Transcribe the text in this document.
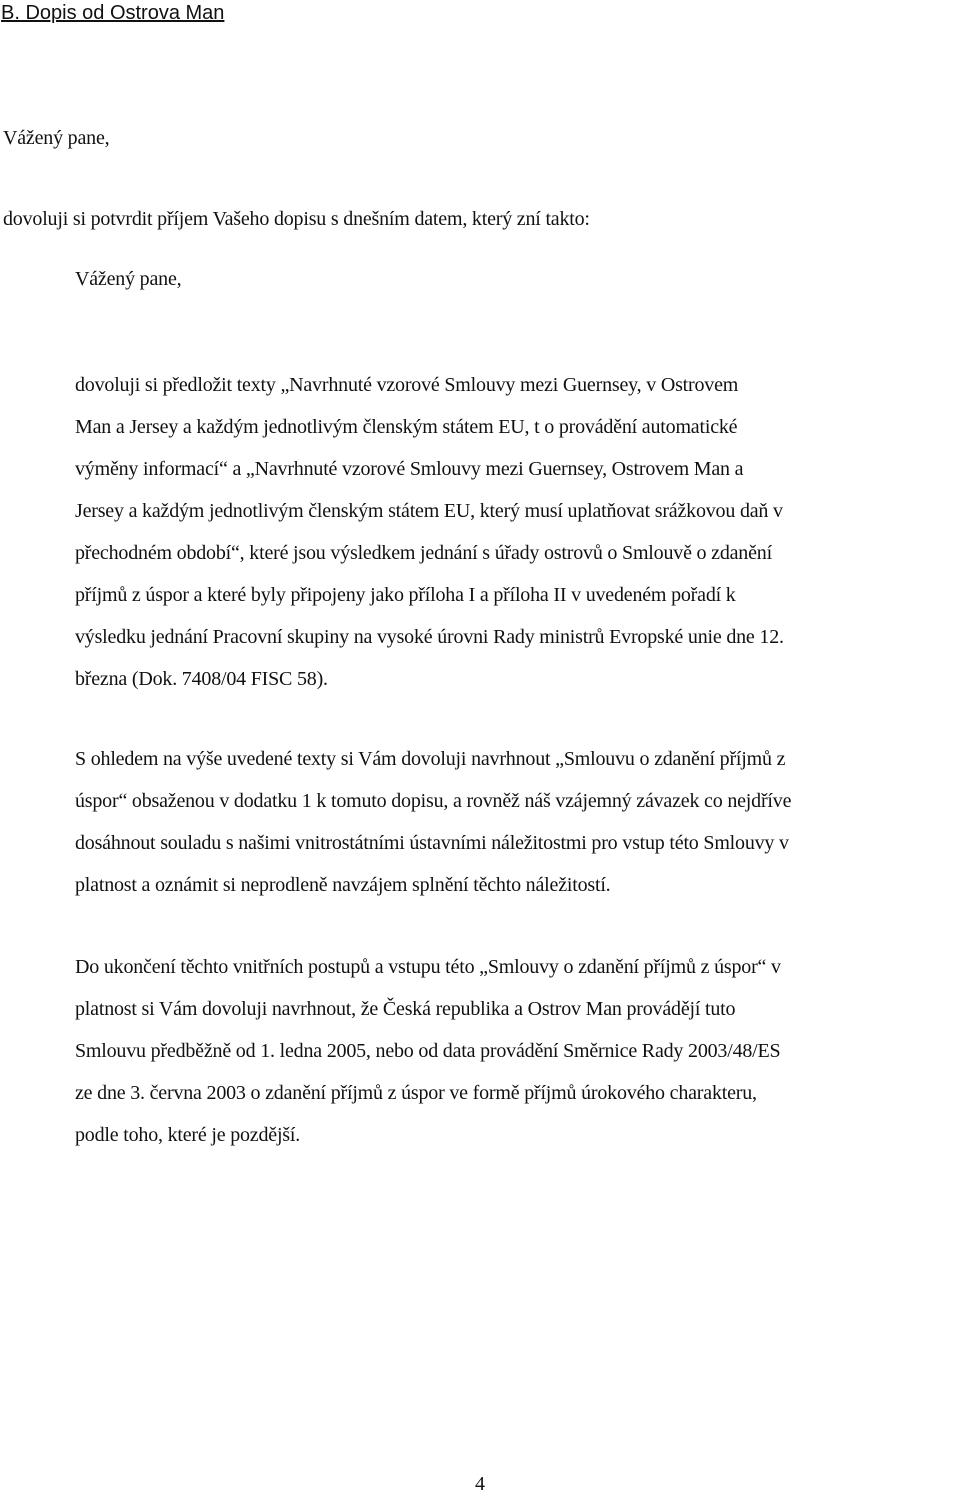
B. Dopis od Ostrova Man
Vážený pane,
dovoluji si potvrdit příjem Vašeho dopisu s dnešním datem, který zní takto:
Vážený pane,
dovoluji si předložit texty „Navrhnuté vzorové Smlouvy mezi Guernsey, v Ostrovem
Man a Jersey a každým jednotlivým členským státem EU, t o provádění automatické
výměny informací“ a „Navrhnuté vzorové Smlouvy mezi Guernsey, Ostrovem Man a
Jersey a každým jednotlivým členským státem EU, který musí uplatňovat srážkovou daň v
přechodném období“, které jsou výsledkem jednání s úřady ostrovů o Smlouvě o zdanění
příjmů z úspor a které byly připojeny jako příloha I a příloha II v uvedeném pořadí k
výsledku jednání Pracovní skupiny na vysoké úrovni Rady ministrů Evropské unie dne 12.
března (Dok. 7408/04 FISC 58).
S ohledem na výše uvedené texty si Vám dovoluji navrhnout „Smlouvu o zdanění příjmů z
úspor“ obsaženou v dodatku 1 k tomuto dopisu, a rovněž náš vzájemný závazek co nejdříve
dosáhnout souladu s našimi vnitrostátními ústavními náležitostmi pro vstup této Smlouvy v
platnost a oznámit si neprodleně navzájem splnění těchto náležitostí.
Do ukončení těchto vnitřních postupů a vstupu této „Smlouvy o zdanění příjmů z úspor“ v
platnost si Vám dovoluji navrhnout, že Česká republika a Ostrov Man provádějí tuto
Smlouvu předběžně od 1. ledna 2005, nebo od data provádění Směrnice Rady 2003/48/ES
ze dne 3. června 2003 o zdanění příjmů z úspor ve formě příjmů úrokového charakteru,
podle toho, které je pozdější.
4
